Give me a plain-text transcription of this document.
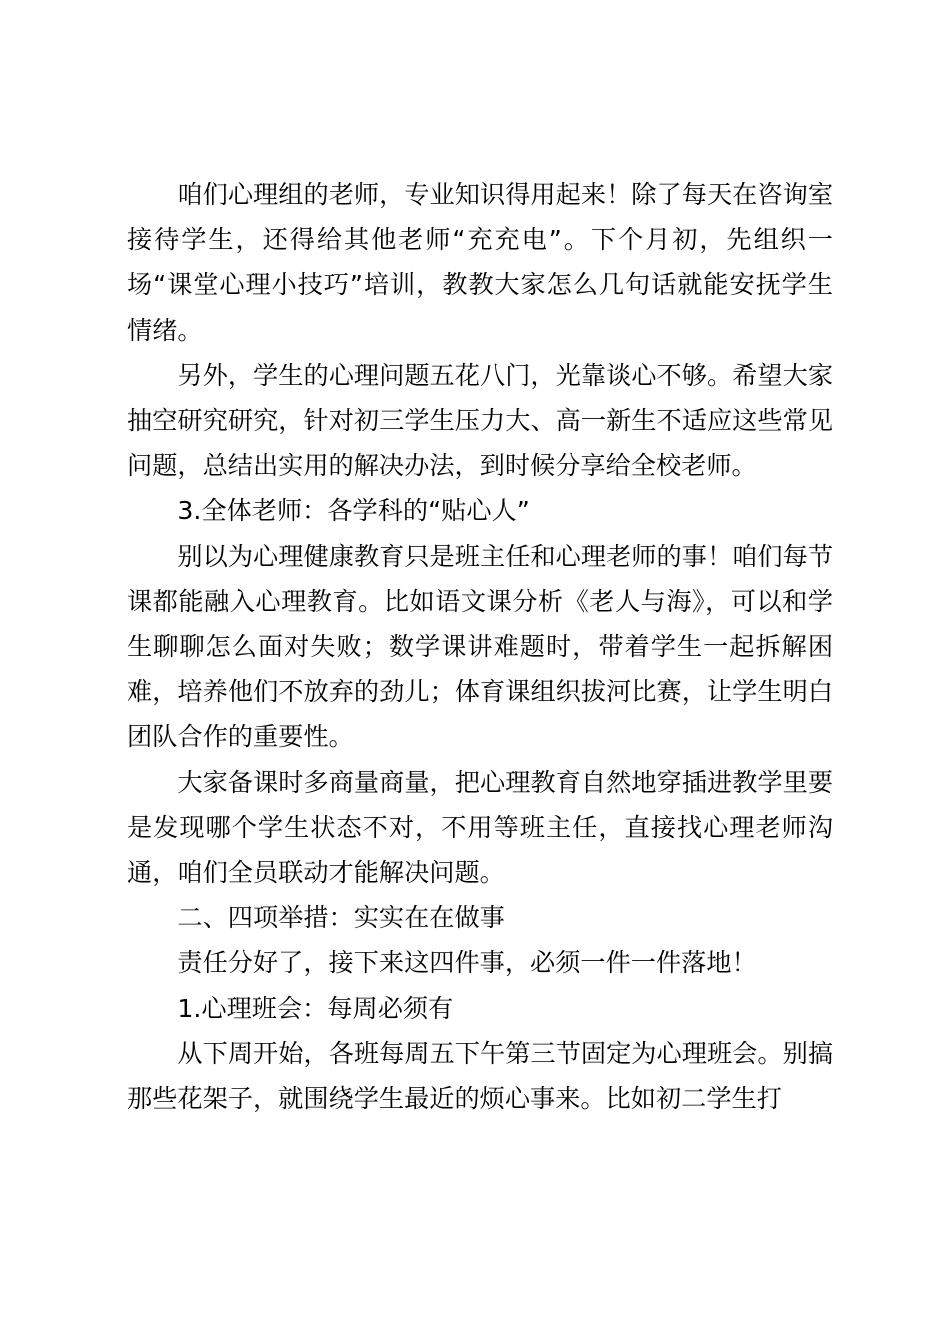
咱们心理组的老师，专业知识得用起来！除了每天在咨询室接待学生，还得给其他老师“充充电”。下个月初，先组织一场“课堂心理小技巧”培训，教教大家怎么几句话就能安抚学生情绪。

另外，学生的心理问题五花八门，光靠谈心不够。希望大家抽空研究研究，针对初三学生压力大、高一新生不适应这些常见问题，总结出实用的解决办法，到时候分享给全校老师。

3.全体老师：各学科的“贴心人”

别以为心理健康教育只是班主任和心理老师的事！咱们每节课都能融入心理教育。比如语文课分析《老人与海》，可以和学生聊聊怎么面对失败；数学课讲难题时，带着学生一起拆解困难，培养他们不放弃的劲儿；体育课组织拔河比赛，让学生明白团队合作的重要性。

大家备课时多商量商量，把心理教育自然地穿插进教学里要是发现哪个学生状态不对，不用等班主任，直接找心理老师沟通，咱们全员联动才能解决问题。

二、四项举措：实实在在做事

责任分好了，接下来这四件事，必须一件一件落地！

1.心理班会：每周必须有

从下周开始，各班每周五下午第三节固定为心理班会。别搞那些花架子，就围绕学生最近的烦心事来。比如初二学生打
